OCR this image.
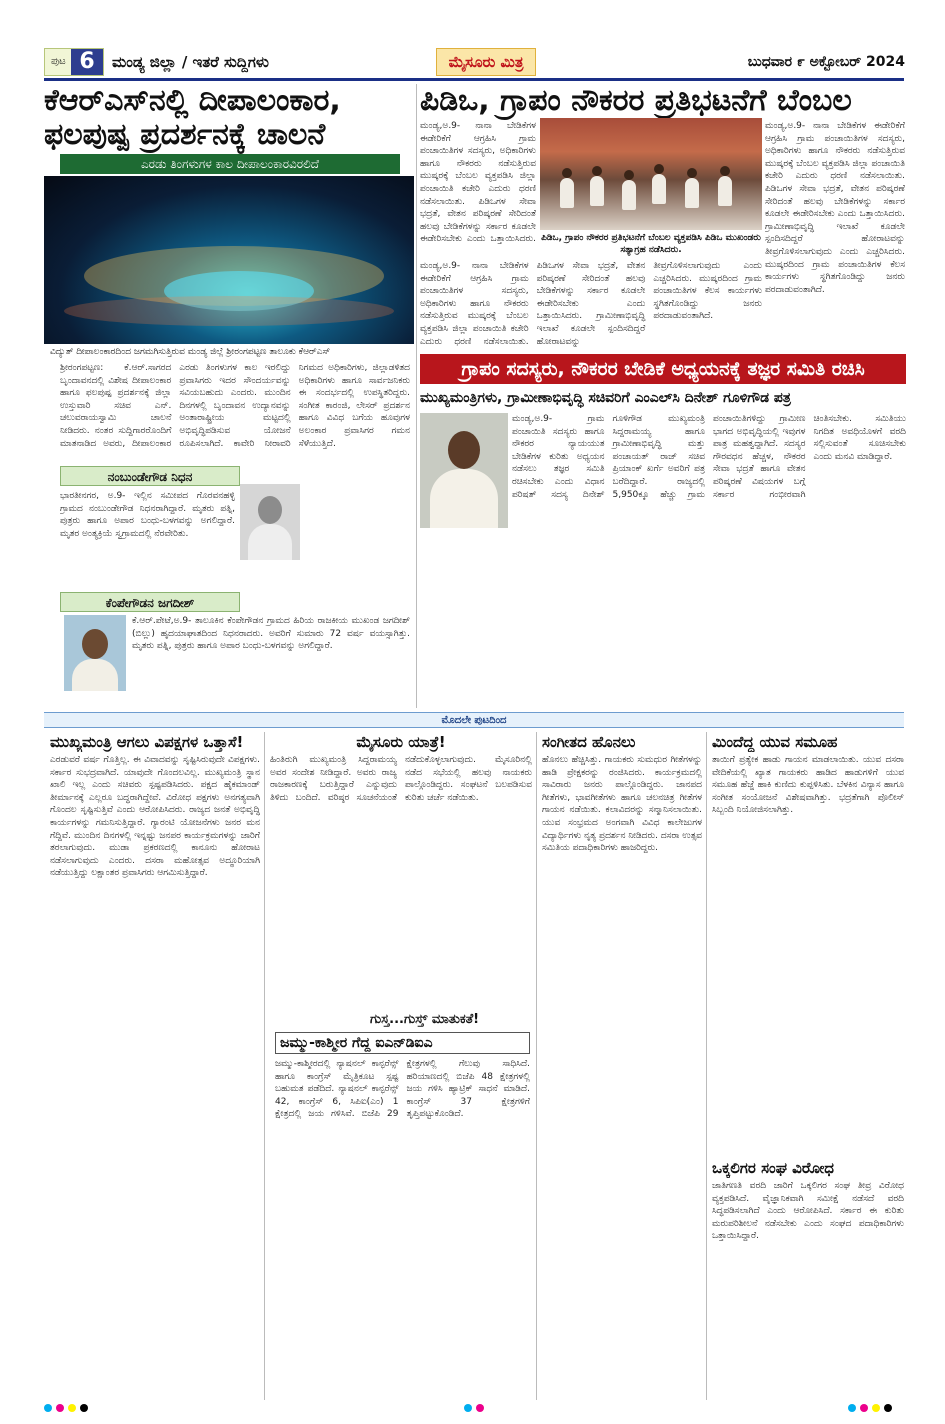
ಪುಟ 6	ಮಂಡ್ಯ ಜಿಲ್ಲಾ / ಇತರೆ ಸುದ್ದಿಗಳು	ಮೈಸೂರು ಮಿತ್ರ	ಬುಧವಾರ ೯ ಅಕ್ಟೋಬರ್ 2024
ಕೆಆರ್‌ಎಸ್‌ನಲ್ಲಿ ದೀಪಾಲಂಕಾರ, ಫಲಪುಷ್ಪ ಪ್ರದರ್ಶನಕ್ಕೆ ಚಾಲನೆ
ಎರಡು ತಿಂಗಳುಗಳ ಕಾಲ ದೀಪಾಲಂಕಾರವಿರಲಿದೆ
ವಿದ್ಯುತ್ ದೀಪಾಲಂಕಾರದಿಂದ ಜಗಮಗಿಸುತ್ತಿರುವ ಮಂಡ್ಯ ಜಿಲ್ಲೆ ಶ್ರೀರಂಗಪಟ್ಟಣ ತಾಲೂಕು ಕೆಆರ್‌ಎಸ್
ಶ್ರೀರಂಗಪಟ್ಟಣ: ಕೆ.ಆರ್.ಸಾಗರದ ಬೃಂದಾವನದಲ್ಲಿ ವಿಶೇಷ ದೀಪಾಲಂಕಾರ ಹಾಗೂ ಫಲಪುಷ್ಪ ಪ್ರದರ್ಶನಕ್ಕೆ ಜಿಲ್ಲಾ ಉಸ್ತುವಾರಿ ಸಚಿವ ಎನ್. ಚಲುವರಾಯಸ್ವಾಮಿ ಚಾಲನೆ ನೀಡಿದರು. ನಂತರ ಸುದ್ದಿಗಾರರೊಂದಿಗೆ ಮಾತನಾಡಿದ ಅವರು, ದೀಪಾಲಂಕಾರ ಎರಡು ತಿಂಗಳುಗಳ ಕಾಲ ಇರಲಿದ್ದು ಪ್ರವಾಸಿಗರು ಇದರ ಸೌಂದರ್ಯವನ್ನು ಸವಿಯಬಹುದು ಎಂದರು. ಮುಂದಿನ ದಿನಗಳಲ್ಲಿ ಬೃಂದಾವನ ಉದ್ಯಾನವನ್ನು ಅಂತಾರಾಷ್ಟ್ರೀಯ ಮಟ್ಟದಲ್ಲಿ ಅಭಿವೃದ್ಧಿಪಡಿಸುವ ಯೋಜನೆ ರೂಪಿಸಲಾಗಿದೆ. ಕಾವೇರಿ ನೀರಾವರಿ ನಿಗಮದ ಅಧಿಕಾರಿಗಳು, ಜಿಲ್ಲಾಡಳಿತದ ಅಧಿಕಾರಿಗಳು ಹಾಗೂ ಸಾರ್ವಜನಿಕರು ಈ ಸಂದರ್ಭದಲ್ಲಿ ಉಪಸ್ಥಿತರಿದ್ದರು. ಸಂಗೀತ ಕಾರಂಜಿ, ಲೇಸರ್ ಪ್ರದರ್ಶನ ಹಾಗೂ ವಿವಿಧ ಬಗೆಯ ಹೂವುಗಳ ಅಲಂಕಾರ ಪ್ರವಾಸಿಗರ ಗಮನ ಸೆಳೆಯುತ್ತಿದೆ.
ನಂಬುಂಡೇಗೌಡ ನಿಧನ
ಭಾರತೀನಗರ, ಅ.9- ಇಲ್ಲಿನ ಸಮೀಪದ ಗೊರವನಹಳ್ಳಿ ಗ್ರಾಮದ ನಂಬುಂಡೇಗೌಡ ನಿಧನರಾಗಿದ್ದಾರೆ. ಮೃತರು ಪತ್ನಿ, ಪುತ್ರರು ಹಾಗೂ ಅಪಾರ ಬಂಧು-ಬಳಗವನ್ನು ಅಗಲಿದ್ದಾರೆ. ಮೃತರ ಅಂತ್ಯಕ್ರಿಯೆ ಸ್ವಗ್ರಾಮದಲ್ಲಿ ನೆರವೇರಿತು.
ಕೆಂಪೇಗೌಡನ ಜಗದೀಶ್
ಕೆ.ಆರ್.ಪೇಟೆ,ಅ.9- ತಾಲೂಕಿನ ಕೆಂಪೇಗೌಡನ ಗ್ರಾಮದ ಹಿರಿಯ ರಾಜಕೀಯ ಮುಖಂಡ ಜಗದೀಶ್ (ಬಿಲ್ಲು) ಹೃದಯಾಘಾತದಿಂದ ನಿಧನರಾದರು. ಅವರಿಗೆ ಸುಮಾರು 72 ವರ್ಷ ವಯಸ್ಸಾಗಿತ್ತು. ಮೃತರು ಪತ್ನಿ, ಪುತ್ರರು ಹಾಗೂ ಅಪಾರ ಬಂಧು-ಬಳಗವನ್ನು ಅಗಲಿದ್ದಾರೆ.
ಪಿಡಿಒ, ಗ್ರಾಪಂ ನೌಕರರ ಪ್ರತಿಭಟನೆಗೆ ಬೆಂಬಲ
ಮಂಡ್ಯ,ಅ.9- ನಾನಾ ಬೇಡಿಕೆಗಳ ಈಡೇರಿಕೆಗೆ ಆಗ್ರಹಿಸಿ ಗ್ರಾಮ ಪಂಚಾಯಿತಿಗಳ ಸದಸ್ಯರು, ಅಧಿಕಾರಿಗಳು ಹಾಗೂ ನೌಕರರು ನಡೆಸುತ್ತಿರುವ ಮುಷ್ಕರಕ್ಕೆ ಬೆಂಬಲ ವ್ಯಕ್ತಪಡಿಸಿ ಜಿಲ್ಲಾ ಪಂಚಾಯಿತಿ ಕಚೇರಿ ಎದುರು ಧರಣಿ ನಡೆಸಲಾಯಿತು. ಪಿಡಿಒಗಳ ಸೇವಾ ಭದ್ರತೆ, ವೇತನ ಪರಿಷ್ಕರಣೆ ಸೇರಿದಂತೆ ಹಲವು ಬೇಡಿಕೆಗಳನ್ನು ಸರ್ಕಾರ ಕೂಡಲೇ ಈಡೇರಿಸಬೇಕು ಎಂದು ಒತ್ತಾಯಿಸಿದರು. ಪಿಡಿಒ, ಗ್ರಾಪಂ ನೌಕರರ ಪ್ರತಿಭಟನೆಗೆ ಬೆಂಬಲ ವ್ಯಕ್ತಪಡಿಸಿ ಪಿಡಿಒ ಮುಖಂಡರು ಸತ್ಯಾಗ್ರಹ ನಡೆಸಿದರು.
ಮಂಡ್ಯ,ಅ.9- ನಾನಾ ಬೇಡಿಕೆಗಳ ಈಡೇರಿಕೆಗೆ ಆಗ್ರಹಿಸಿ ಗ್ರಾಮ ಪಂಚಾಯಿತಿಗಳ ಸದಸ್ಯರು, ಅಧಿಕಾರಿಗಳು ಹಾಗೂ ನೌಕರರು ನಡೆಸುತ್ತಿರುವ ಮುಷ್ಕರಕ್ಕೆ ಬೆಂಬಲ ವ್ಯಕ್ತಪಡಿಸಿ ಜಿಲ್ಲಾ ಪಂಚಾಯಿತಿ ಕಚೇರಿ ಎದುರು ಧರಣಿ ನಡೆಸಲಾಯಿತು. ಪಿಡಿಒಗಳ ಸೇವಾ ಭದ್ರತೆ, ವೇತನ ಪರಿಷ್ಕರಣೆ ಸೇರಿದಂತೆ ಹಲವು ಬೇಡಿಕೆಗಳನ್ನು ಸರ್ಕಾರ ಕೂಡಲೇ ಈಡೇರಿಸಬೇಕು ಎಂದು ಒತ್ತಾಯಿಸಿದರು. ಗ್ರಾಮೀಣಾಭಿವೃದ್ಧಿ ಇಲಾಖೆ ಕೂಡಲೇ ಸ್ಪಂದಿಸದಿದ್ದರೆ ಹೋರಾಟವನ್ನು ತೀವ್ರಗೊಳಿಸಲಾಗುವುದು ಎಂದು ಎಚ್ಚರಿಸಿದರು. ಮುಷ್ಕರದಿಂದ ಗ್ರಾಮ ಪಂಚಾಯಿತಿಗಳ ಕೆಲಸ ಕಾರ್ಯಗಳು ಸ್ಥಗಿತಗೊಂಡಿದ್ದು ಜನರು ಪರದಾಡುವಂತಾಗಿದೆ.
ಮಂಡ್ಯ,ಅ.9- ನಾನಾ ಬೇಡಿಕೆಗಳ ಈಡೇರಿಕೆಗೆ ಆಗ್ರಹಿಸಿ ಗ್ರಾಮ ಪಂಚಾಯಿತಿಗಳ ಸದಸ್ಯರು, ಅಧಿಕಾರಿಗಳು ಹಾಗೂ ನೌಕರರು ನಡೆಸುತ್ತಿರುವ ಮುಷ್ಕರಕ್ಕೆ ಬೆಂಬಲ ವ್ಯಕ್ತಪಡಿಸಿ ಜಿಲ್ಲಾ ಪಂಚಾಯಿತಿ ಕಚೇರಿ ಎದುರು ಧರಣಿ ನಡೆಸಲಾಯಿತು. ಪಿಡಿಒಗಳ ಸೇವಾ ಭದ್ರತೆ, ವೇತನ ಪರಿಷ್ಕರಣೆ ಸೇರಿದಂತೆ ಹಲವು ಬೇಡಿಕೆಗಳನ್ನು ಸರ್ಕಾರ ಕೂಡಲೇ ಈಡೇರಿಸಬೇಕು ಎಂದು ಒತ್ತಾಯಿಸಿದರು. ಗ್ರಾಮೀಣಾಭಿವೃದ್ಧಿ ಇಲಾಖೆ ಕೂಡಲೇ ಸ್ಪಂದಿಸದಿದ್ದರೆ ಹೋರಾಟವನ್ನು ತೀವ್ರಗೊಳಿಸಲಾಗುವುದು ಎಂದು ಎಚ್ಚರಿಸಿದರು. ಮುಷ್ಕರದಿಂದ ಗ್ರಾಮ ಪಂಚಾಯಿತಿಗಳ ಕೆಲಸ ಕಾರ್ಯಗಳು ಸ್ಥಗಿತಗೊಂಡಿದ್ದು ಜನರು ಪರದಾಡುವಂತಾಗಿದೆ.
ಗ್ರಾಪಂ ಸದಸ್ಯರು, ನೌಕರರ ಬೇಡಿಕೆ ಅಧ್ಯಯನಕ್ಕೆ ತಜ್ಞರ ಸಮಿತಿ ರಚಿಸಿ
ಮುಖ್ಯಮಂತ್ರಿಗಳು, ಗ್ರಾಮೀಣಾಭಿವೃದ್ಧಿ ಸಚಿವರಿಗೆ ಎಂಎಲ್‌ಸಿ ದಿನೇಶ್ ಗೂಳಿಗೌಡ ಪತ್ರ
ಮಂಡ್ಯ,ಅ.9- ಗ್ರಾಮ ಪಂಚಾಯಿತಿ ಸದಸ್ಯರು ಹಾಗೂ ನೌಕರರ ನ್ಯಾಯಯುತ ಬೇಡಿಕೆಗಳ ಕುರಿತು ಅಧ್ಯಯನ ನಡೆಸಲು ತಜ್ಞರ ಸಮಿತಿ ರಚಿಸಬೇಕು ಎಂದು ವಿಧಾನ ಪರಿಷತ್ ಸದಸ್ಯ ದಿನೇಶ್ ಗೂಳಿಗೌಡ ಮುಖ್ಯಮಂತ್ರಿ ಸಿದ್ದರಾಮಯ್ಯ ಹಾಗೂ ಗ್ರಾಮೀಣಾಭಿವೃದ್ಧಿ ಮತ್ತು ಪಂಚಾಯತ್ ರಾಜ್ ಸಚಿವ ಪ್ರಿಯಾಂಕ್ ಖರ್ಗೆ ಅವರಿಗೆ ಪತ್ರ ಬರೆದಿದ್ದಾರೆ. ರಾಜ್ಯದಲ್ಲಿ 5,950ಕ್ಕೂ ಹೆಚ್ಚು ಗ್ರಾಮ ಪಂಚಾಯಿತಿಗಳಿದ್ದು ಗ್ರಾಮೀಣ ಭಾಗದ ಅಭಿವೃದ್ಧಿಯಲ್ಲಿ ಇವುಗಳ ಪಾತ್ರ ಮಹತ್ವದ್ದಾಗಿದೆ. ಸದಸ್ಯರ ಗೌರವಧನ ಹೆಚ್ಚಳ, ನೌಕರರ ಸೇವಾ ಭದ್ರತೆ ಹಾಗೂ ವೇತನ ಪರಿಷ್ಕರಣೆ ವಿಷಯಗಳ ಬಗ್ಗೆ ಸರ್ಕಾರ ಗಂಭೀರವಾಗಿ ಚಿಂತಿಸಬೇಕು. ಸಮಿತಿಯು ನಿಗದಿತ ಅವಧಿಯೊಳಗೆ ವರದಿ ಸಲ್ಲಿಸುವಂತೆ ಸೂಚಿಸಬೇಕು ಎಂದು ಮನವಿ ಮಾಡಿದ್ದಾರೆ.
ಮೊದಲೇ ಪುಟದಿಂದ
ಮುಖ್ಯಮಂತ್ರಿ ಆಗಲು ವಿಪಕ್ಷಗಳ ಒತ್ತಾಸೆ!
ಎರಡುವರೆ ವರ್ಷ ಗೊತ್ತಿಲ್ಲ. ಈ ವಿವಾದವನ್ನು ಸೃಷ್ಟಿಸಿರುವುದೇ ವಿಪಕ್ಷಗಳು. ಸರ್ಕಾರ ಸುಭದ್ರವಾಗಿದೆ. ಯಾವುದೇ ಗೊಂದಲವಿಲ್ಲ. ಮುಖ್ಯಮಂತ್ರಿ ಸ್ಥಾನ ಖಾಲಿ ಇಲ್ಲ ಎಂದು ಸಚಿವರು ಸ್ಪಷ್ಟಪಡಿಸಿದರು. ಪಕ್ಷದ ಹೈಕಮಾಂಡ್ ತೀರ್ಮಾನಕ್ಕೆ ಎಲ್ಲರೂ ಬದ್ಧರಾಗಿದ್ದೇವೆ. ವಿರೋಧ ಪಕ್ಷಗಳು ಅನಗತ್ಯವಾಗಿ ಗೊಂದಲ ಸೃಷ್ಟಿಸುತ್ತಿವೆ ಎಂದು ಆರೋಪಿಸಿದರು. ರಾಜ್ಯದ ಜನತೆ ಅಭಿವೃದ್ಧಿ ಕಾರ್ಯಗಳನ್ನು ಗಮನಿಸುತ್ತಿದ್ದಾರೆ. ಗ್ಯಾರಂಟಿ ಯೋಜನೆಗಳು ಜನರ ಮನ ಗೆದ್ದಿವೆ. ಮುಂದಿನ ದಿನಗಳಲ್ಲಿ ಇನ್ನಷ್ಟು ಜನಪರ ಕಾರ್ಯಕ್ರಮಗಳನ್ನು ಜಾರಿಗೆ ತರಲಾಗುವುದು. ಮುಡಾ ಪ್ರಕರಣದಲ್ಲಿ ಕಾನೂನು ಹೋರಾಟ ನಡೆಸಲಾಗುವುದು ಎಂದರು. ದಸರಾ ಮಹೋತ್ಸವ ಅದ್ಧೂರಿಯಾಗಿ ನಡೆಯುತ್ತಿದ್ದು ಲಕ್ಷಾಂತರ ಪ್ರವಾಸಿಗರು ಆಗಮಿಸುತ್ತಿದ್ದಾರೆ.
ಮೈಸೂರು ಯಾತ್ರೆ!
ಹಿಂತಿರುಗಿ ಮುಖ್ಯಮಂತ್ರಿ ಸಿದ್ದರಾಮಯ್ಯ ಅವರ ಸಂದೇಶ ನೀಡಿದ್ದಾರೆ. ಅವರು ರಾಜ್ಯ ರಾಜಕಾರಣಕ್ಕೆ ಬರುತ್ತಿದ್ದಾರೆ ಎನ್ನುವುದು ತಿಳಿದು ಬಂದಿದೆ. ವರಿಷ್ಠರ ಸೂಚನೆಯಂತೆ ನಡೆದುಕೊಳ್ಳಲಾಗುವುದು. ಮೈಸೂರಿನಲ್ಲಿ ನಡೆದ ಸಭೆಯಲ್ಲಿ ಹಲವು ನಾಯಕರು ಪಾಲ್ಗೊಂಡಿದ್ದರು. ಸಂಘಟನೆ ಬಲಪಡಿಸುವ ಕುರಿತು ಚರ್ಚೆ ನಡೆಯಿತು.
ಗುಸ್ತ...ಗುಸ್ತ್ ಮಾತುಕತೆ!
ಜಮ್ಮು-ಕಾಶ್ಮೀರ ಗೆದ್ದ ಐಎನ್‌ಡಿಐಎ
ಜಮ್ಮು-ಕಾಶ್ಮೀರದಲ್ಲಿ ನ್ಯಾಷನಲ್ ಕಾನ್ಫರೆನ್ಸ್ ಹಾಗೂ ಕಾಂಗ್ರೆಸ್ ಮೈತ್ರಿಕೂಟ ಸ್ಪಷ್ಟ ಬಹುಮತ ಪಡೆದಿದೆ. ನ್ಯಾಷನಲ್ ಕಾನ್ಫರೆನ್ಸ್ 42, ಕಾಂಗ್ರೆಸ್ 6, ಸಿಪಿಐ(ಎಂ) 1 ಕ್ಷೇತ್ರದಲ್ಲಿ ಜಯ ಗಳಿಸಿವೆ. ಬಿಜೆಪಿ 29 ಕ್ಷೇತ್ರಗಳಲ್ಲಿ ಗೆಲುವು ಸಾಧಿಸಿದೆ. ಹರಿಯಾಣದಲ್ಲಿ ಬಿಜೆಪಿ 48 ಕ್ಷೇತ್ರಗಳಲ್ಲಿ ಜಯ ಗಳಿಸಿ ಹ್ಯಾಟ್ರಿಕ್ ಸಾಧನೆ ಮಾಡಿದೆ. ಕಾಂಗ್ರೆಸ್ 37 ಕ್ಷೇತ್ರಗಳಿಗೆ ತೃಪ್ತಿಪಟ್ಟುಕೊಂಡಿದೆ.
ಸಂಗೀತದ ಹೊನಲು
ಹೊನಲು ಹೆಚ್ಚಿಸಿತ್ತು. ಗಾಯಕರು ಸುಮಧುರ ಗೀತೆಗಳನ್ನು ಹಾಡಿ ಪ್ರೇಕ್ಷಕರನ್ನು ರಂಜಿಸಿದರು. ಕಾರ್ಯಕ್ರಮದಲ್ಲಿ ಸಾವಿರಾರು ಜನರು ಪಾಲ್ಗೊಂಡಿದ್ದರು. ಜಾನಪದ ಗೀತೆಗಳು, ಭಾವಗೀತೆಗಳು ಹಾಗೂ ಚಲನಚಿತ್ರ ಗೀತೆಗಳ ಗಾಯನ ನಡೆಯಿತು. ಕಲಾವಿದರನ್ನು ಸನ್ಮಾನಿಸಲಾಯಿತು. ಯುವ ಸಂಭ್ರಮದ ಅಂಗವಾಗಿ ವಿವಿಧ ಕಾಲೇಜುಗಳ ವಿದ್ಯಾರ್ಥಿಗಳು ನೃತ್ಯ ಪ್ರದರ್ಶನ ನೀಡಿದರು. ದಸರಾ ಉತ್ಸವ ಸಮಿತಿಯ ಪದಾಧಿಕಾರಿಗಳು ಹಾಜರಿದ್ದರು.
ಮಿಂದೆದ್ದ ಯುವ ಸಮೂಹ
ತಾಯಿಗೆ ಪ್ರತ್ಯೇಕ ಹಾಡು ಗಾಯನ ಮಾಡಲಾಯಿತು. ಯುವ ದಸರಾ ವೇದಿಕೆಯಲ್ಲಿ ಖ್ಯಾತ ಗಾಯಕರು ಹಾಡಿದ ಹಾಡುಗಳಿಗೆ ಯುವ ಸಮೂಹ ಹೆಜ್ಜೆ ಹಾಕಿ ಕುಣಿದು ಕುಪ್ಪಳಿಸಿತು. ಬೆಳಕಿನ ವಿನ್ಯಾಸ ಹಾಗೂ ಸಂಗೀತ ಸಂಯೋಜನೆ ವಿಶೇಷವಾಗಿತ್ತು. ಭದ್ರತೆಗಾಗಿ ಪೊಲೀಸ್ ಸಿಬ್ಬಂದಿ ನಿಯೋಜಿಸಲಾಗಿತ್ತು.
ಒಕ್ಕಲಿಗರ ಸಂಘ ವಿರೋಧ
ಜಾತಿಗಣತಿ ವರದಿ ಜಾರಿಗೆ ಒಕ್ಕಲಿಗರ ಸಂಘ ತೀವ್ರ ವಿರೋಧ ವ್ಯಕ್ತಪಡಿಸಿದೆ. ವೈಜ್ಞಾನಿಕವಾಗಿ ಸಮೀಕ್ಷೆ ನಡೆಸದೆ ವರದಿ ಸಿದ್ಧಪಡಿಸಲಾಗಿದೆ ಎಂದು ಆರೋಪಿಸಿದೆ. ಸರ್ಕಾರ ಈ ಕುರಿತು ಮರುಪರಿಶೀಲನೆ ನಡೆಸಬೇಕು ಎಂದು ಸಂಘದ ಪದಾಧಿಕಾರಿಗಳು ಒತ್ತಾಯಿಸಿದ್ದಾರೆ.
